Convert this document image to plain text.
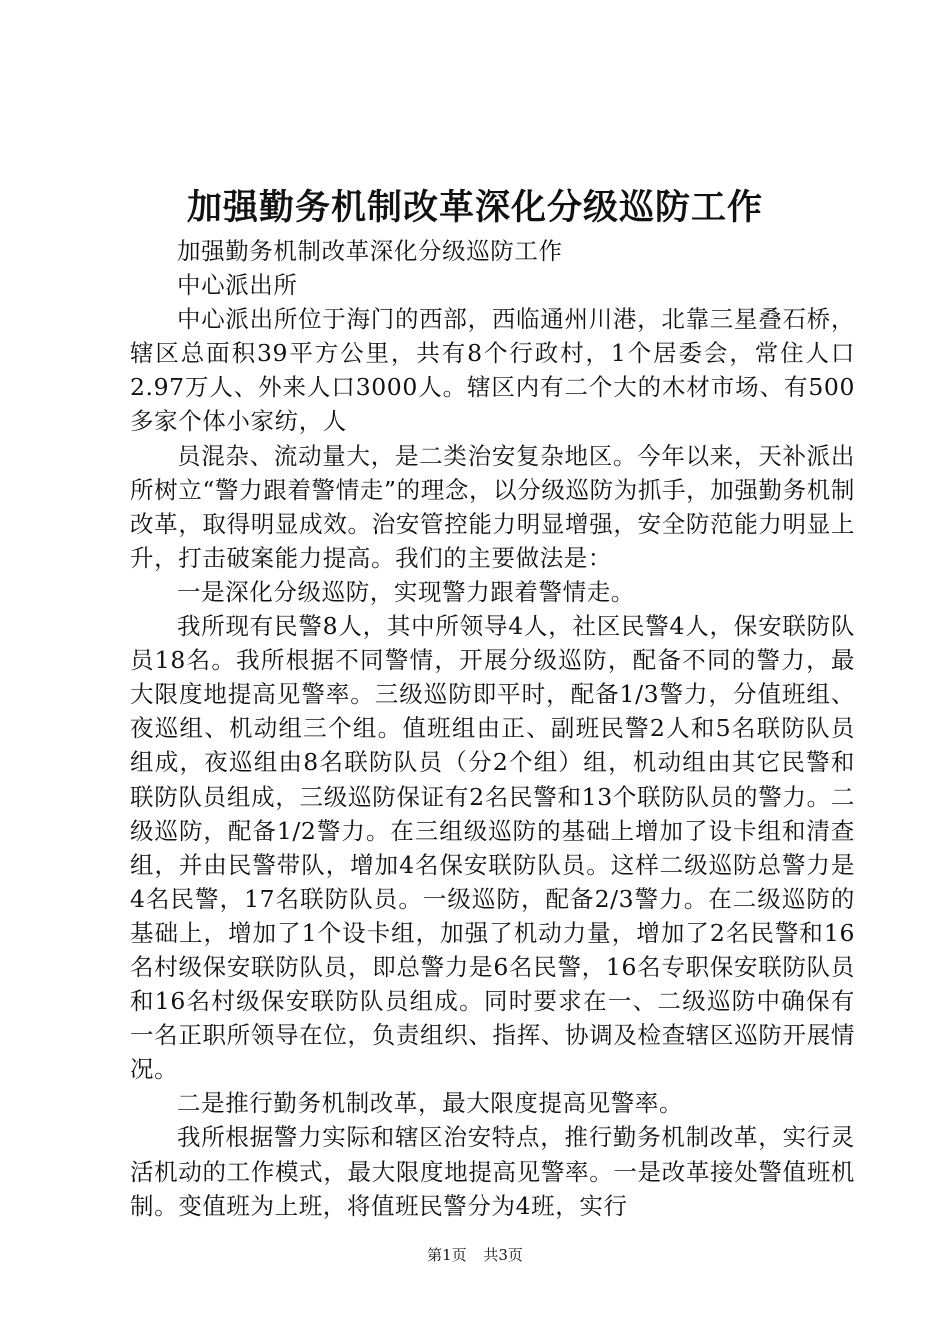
加强勤务机制改革深化分级巡防工作

加强勤务机制改革深化分级巡防工作

中心派出所

中心派出所位于海门的西部，西临通州川港，北靠三星叠石桥，辖区总面积39平方公里，共有8个行政村，1个居委会，常住人口2.97万人、外来人口3000人。辖区内有二个大的木材市场、有500多家个体小家纺，人

员混杂、流动量大，是二类治安复杂地区。今年以来，天补派出所树立“警力跟着警情走”的理念，以分级巡防为抓手，加强勤务机制改革，取得明显成效。治安管控能力明显增强，安全防范能力明显上升，打击破案能力提高。我们的主要做法是：

一是深化分级巡防，实现警力跟着警情走。

我所现有民警8人，其中所领导4人，社区民警4人，保安联防队员18名。我所根据不同警情，开展分级巡防，配备不同的警力，最大限度地提高见警率。三级巡防即平时，配备1/3警力，分值班组、夜巡组、机动组三个组。值班组由正、副班民警2人和5名联防队员组成，夜巡组由8名联防队员（分2个组）组，机动组由其它民警和联防队员组成，三级巡防保证有2名民警和13个联防队员的警力。二级巡防，配备1/2警力。在三组级巡防的基础上增加了设卡组和清查组，并由民警带队，增加4名保安联防队员。这样二级巡防总警力是4名民警，17名联防队员。一级巡防，配备2/3警力。在二级巡防的基础上，增加了1个设卡组，加强了机动力量，增加了2名民警和16名村级保安联防队员，即总警力是6名民警，16名专职保安联防队员和16名村级保安联防队员组成。同时要求在一、二级巡防中确保有一名正职所领导在位，负责组织、指挥、协调及检查辖区巡防开展情况。

二是推行勤务机制改革，最大限度提高见警率。

我所根据警力实际和辖区治安特点，推行勤务机制改革，实行灵活机动的工作模式，最大限度地提高见警率。一是改革接处警值班机制。变值班为上班，将值班民警分为4班，实行

第1页 共3页
